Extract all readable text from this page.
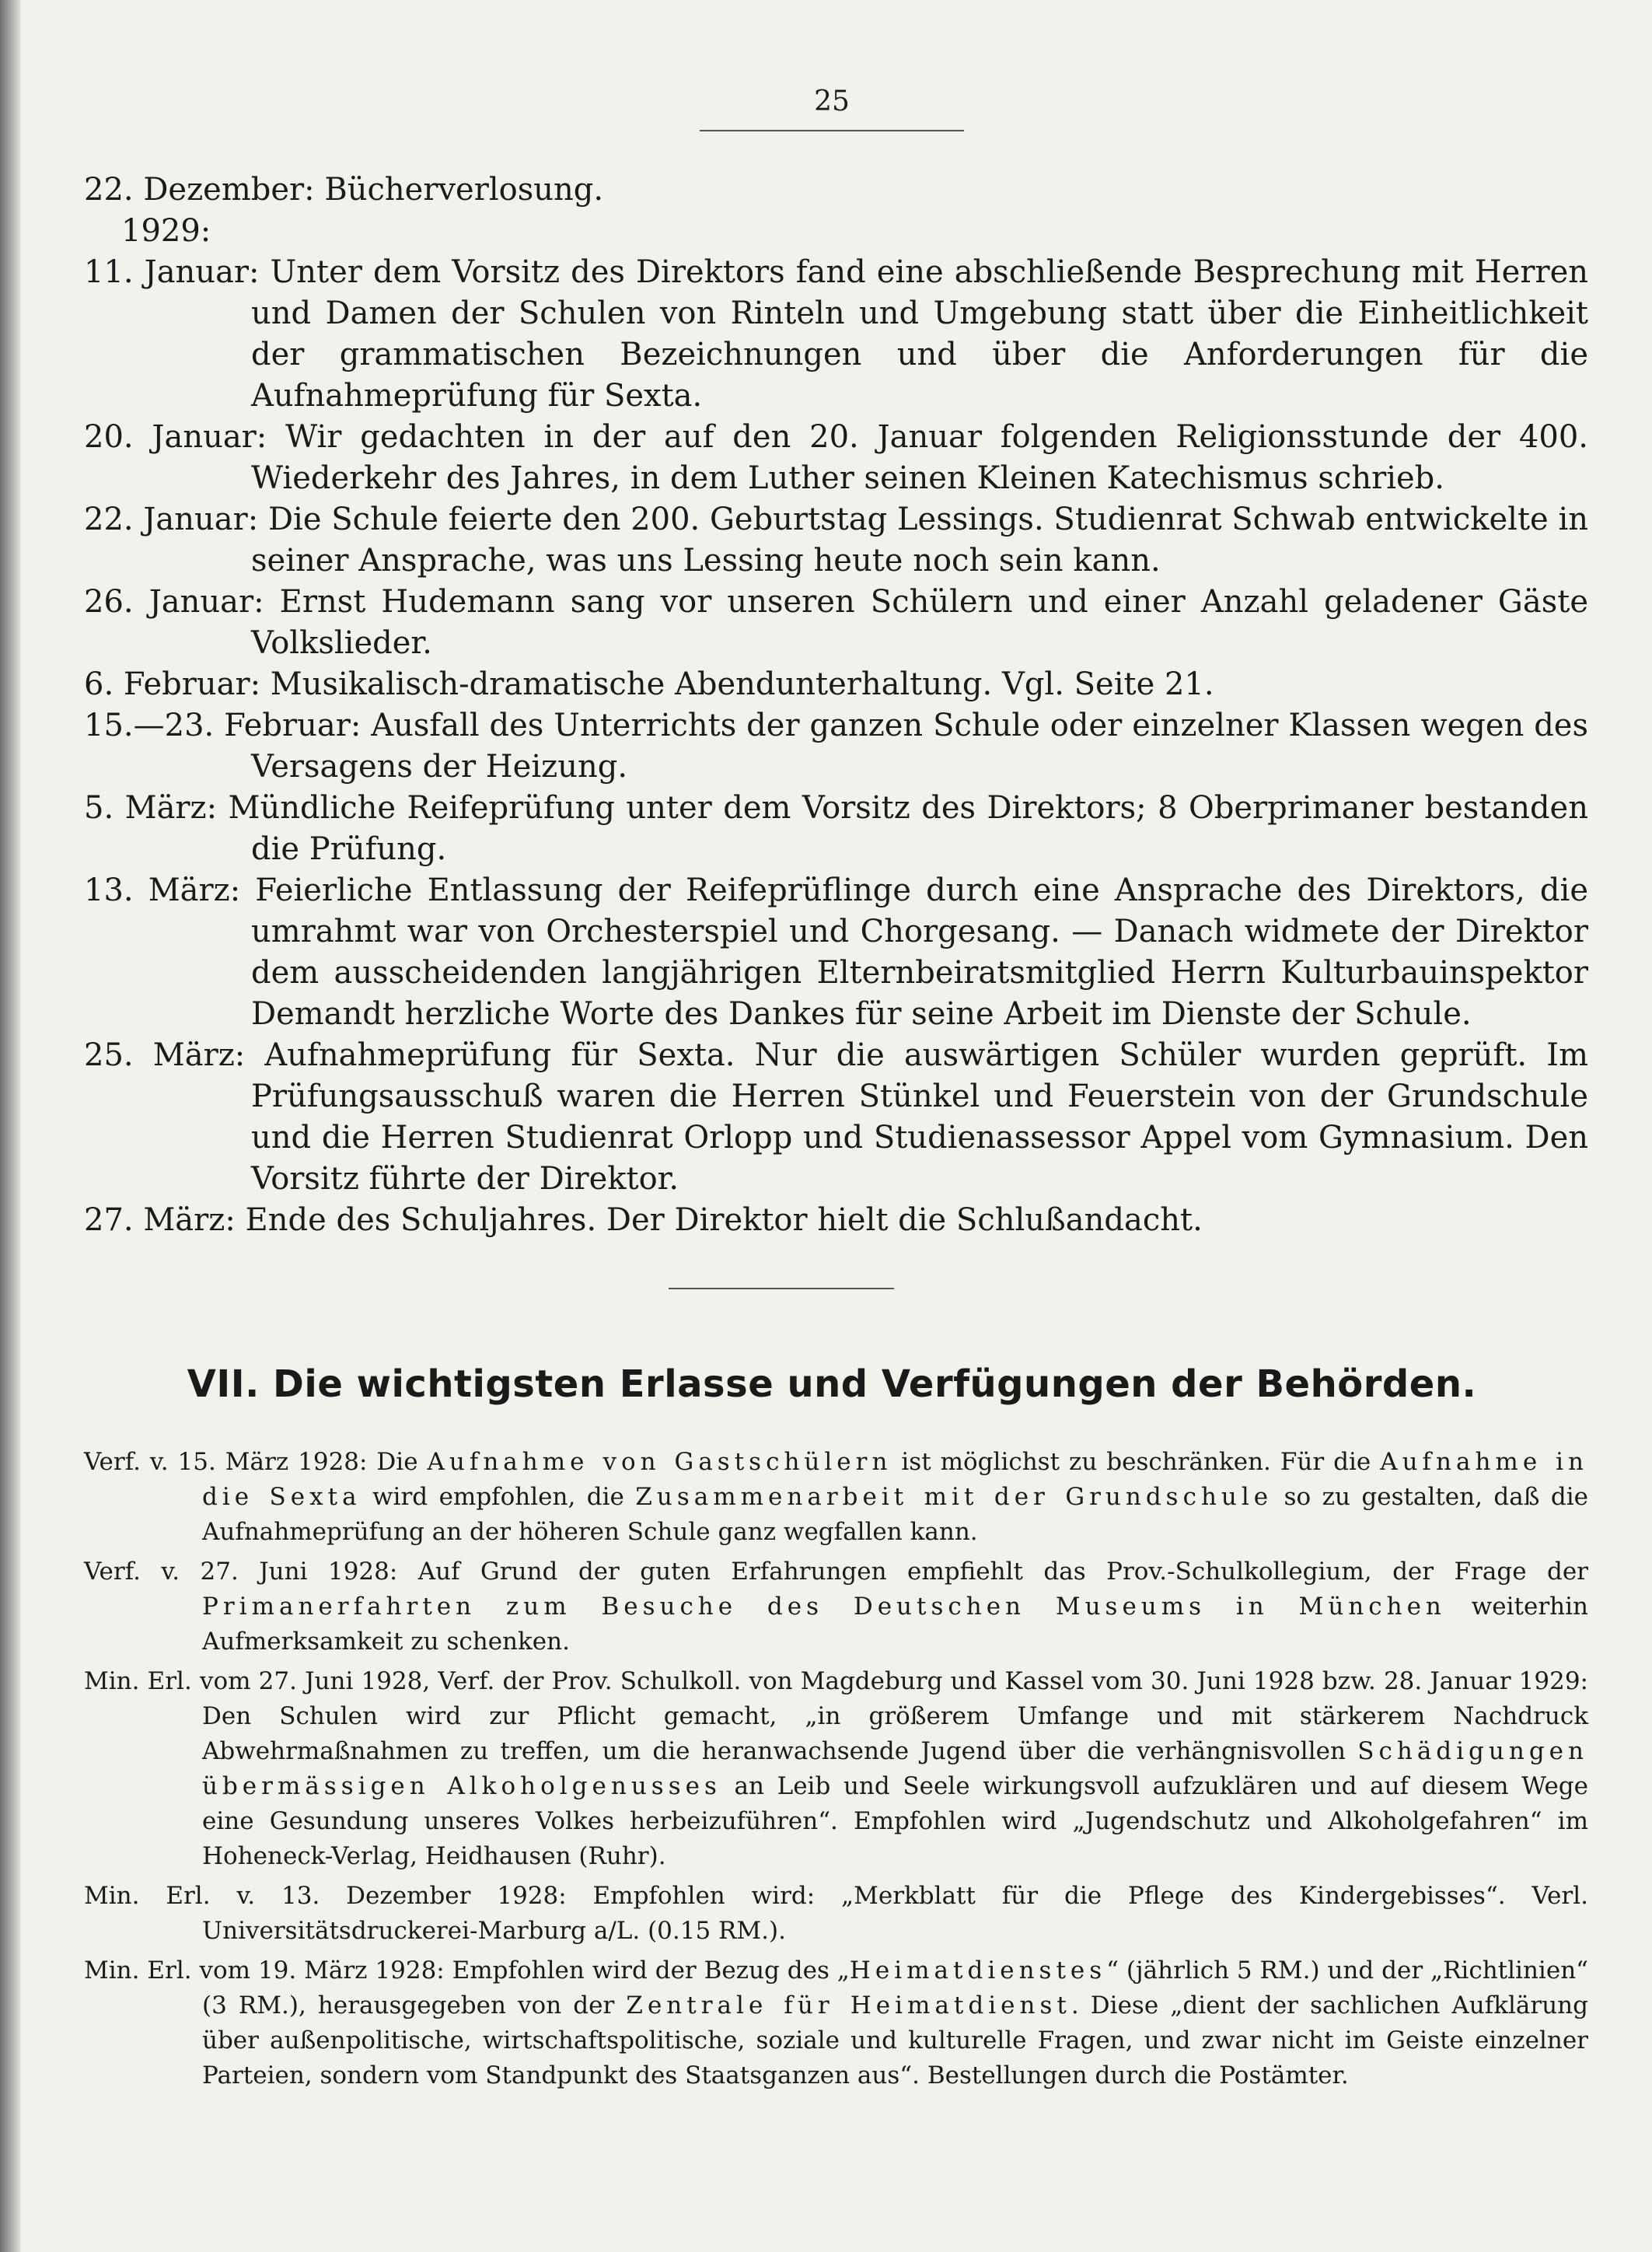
25
22. Dezember: Bücherverlosung.
1929:
11. Januar: Unter dem Vorsitz des Direktors fand eine abschließende Besprechung mit Herren und Damen der Schulen von Rinteln und Umgebung statt über die Einheitlichkeit der grammatischen Bezeichnungen und über die Anforderungen für die Aufnahmeprüfung für Sexta.
20. Januar: Wir gedachten in der auf den 20. Januar folgenden Religionsstunde der 400. Wiederkehr des Jahres, in dem Luther seinen Kleinen Katechismus schrieb.
22. Januar: Die Schule feierte den 200. Geburtstag Lessings. Studienrat Schwab entwickelte in seiner Ansprache, was uns Lessing heute noch sein kann.
26. Januar: Ernst Hudemann sang vor unseren Schülern und einer Anzahl geladener Gäste Volkslieder.
6. Februar: Musikalisch-dramatische Abendunterhaltung. Vgl. Seite 21.
15.—23. Februar: Ausfall des Unterrichts der ganzen Schule oder einzelner Klassen wegen des Versagens der Heizung.
5. März: Mündliche Reifeprüfung unter dem Vorsitz des Direktors; 8 Oberprimaner bestanden die Prüfung.
13. März: Feierliche Entlassung der Reifeprüflinge durch eine Ansprache des Direktors, die umrahmt war von Orchesterspiel und Chorgesang. — Danach widmete der Direktor dem ausscheidenden langjährigen Elternbeiratsmitglied Herrn Kulturbauinspektor Demandt herzliche Worte des Dankes für seine Arbeit im Dienste der Schule.
25. März: Aufnahmeprüfung für Sexta. Nur die auswärtigen Schüler wurden geprüft. Im Prüfungsausschuß waren die Herren Stünkel und Feuerstein von der Grundschule und die Herren Studienrat Orlopp und Studienassessor Appel vom Gymnasium. Den Vorsitz führte der Direktor.
27. März: Ende des Schuljahres. Der Direktor hielt die Schlußandacht.
VII. Die wichtigsten Erlasse und Verfügungen der Behörden.
Verf. v. 15. März 1928: Die Aufnahme von Gastschülern ist möglichst zu beschränken. Für die Aufnahme in die Sexta wird empfohlen, die Zusammenarbeit mit der Grundschule so zu gestalten, daß die Aufnahmeprüfung an der höheren Schule ganz wegfallen kann.
Verf. v. 27. Juni 1928: Auf Grund der guten Erfahrungen empfiehlt das Prov.-Schulkollegium, der Frage der Primanerfahrten zum Besuche des Deutschen Museums in München weiterhin Aufmerksamkeit zu schenken.
Min. Erl. vom 27. Juni 1928, Verf. der Prov. Schulkoll. von Magdeburg und Kassel vom 30. Juni 1928 bzw. 28. Januar 1929: Den Schulen wird zur Pflicht gemacht, „in größerem Umfange und mit stärkerem Nachdruck Abwehrmaßnahmen zu treffen, um die heranwachsende Jugend über die verhängnisvollen Schädigungen übermässigen Alkoholgenusses an Leib und Seele wirkungsvoll aufzuklären und auf diesem Wege eine Gesundung unseres Volkes herbeizuführen“. Empfohlen wird „Jugendschutz und Alkoholgefahren“ im Hoheneck-Verlag, Heidhausen (Ruhr).
Min. Erl. v. 13. Dezember 1928: Empfohlen wird: „Merkblatt für die Pflege des Kindergebisses“. Verl. Universitätsdruckerei-Marburg a/L. (0.15 RM.).
Min. Erl. vom 19. März 1928: Empfohlen wird der Bezug des „Heimatdienstes“ (jährlich 5 RM.) und der „Richtlinien“ (3 RM.), herausgegeben von der Zentrale für Heimatdienst. Diese „dient der sachlichen Aufklärung über außenpolitische, wirtschaftspolitische, soziale und kulturelle Fragen, und zwar nicht im Geiste einzelner Parteien, sondern vom Standpunkt des Staatsganzen aus“. Bestellungen durch die Postämter.
